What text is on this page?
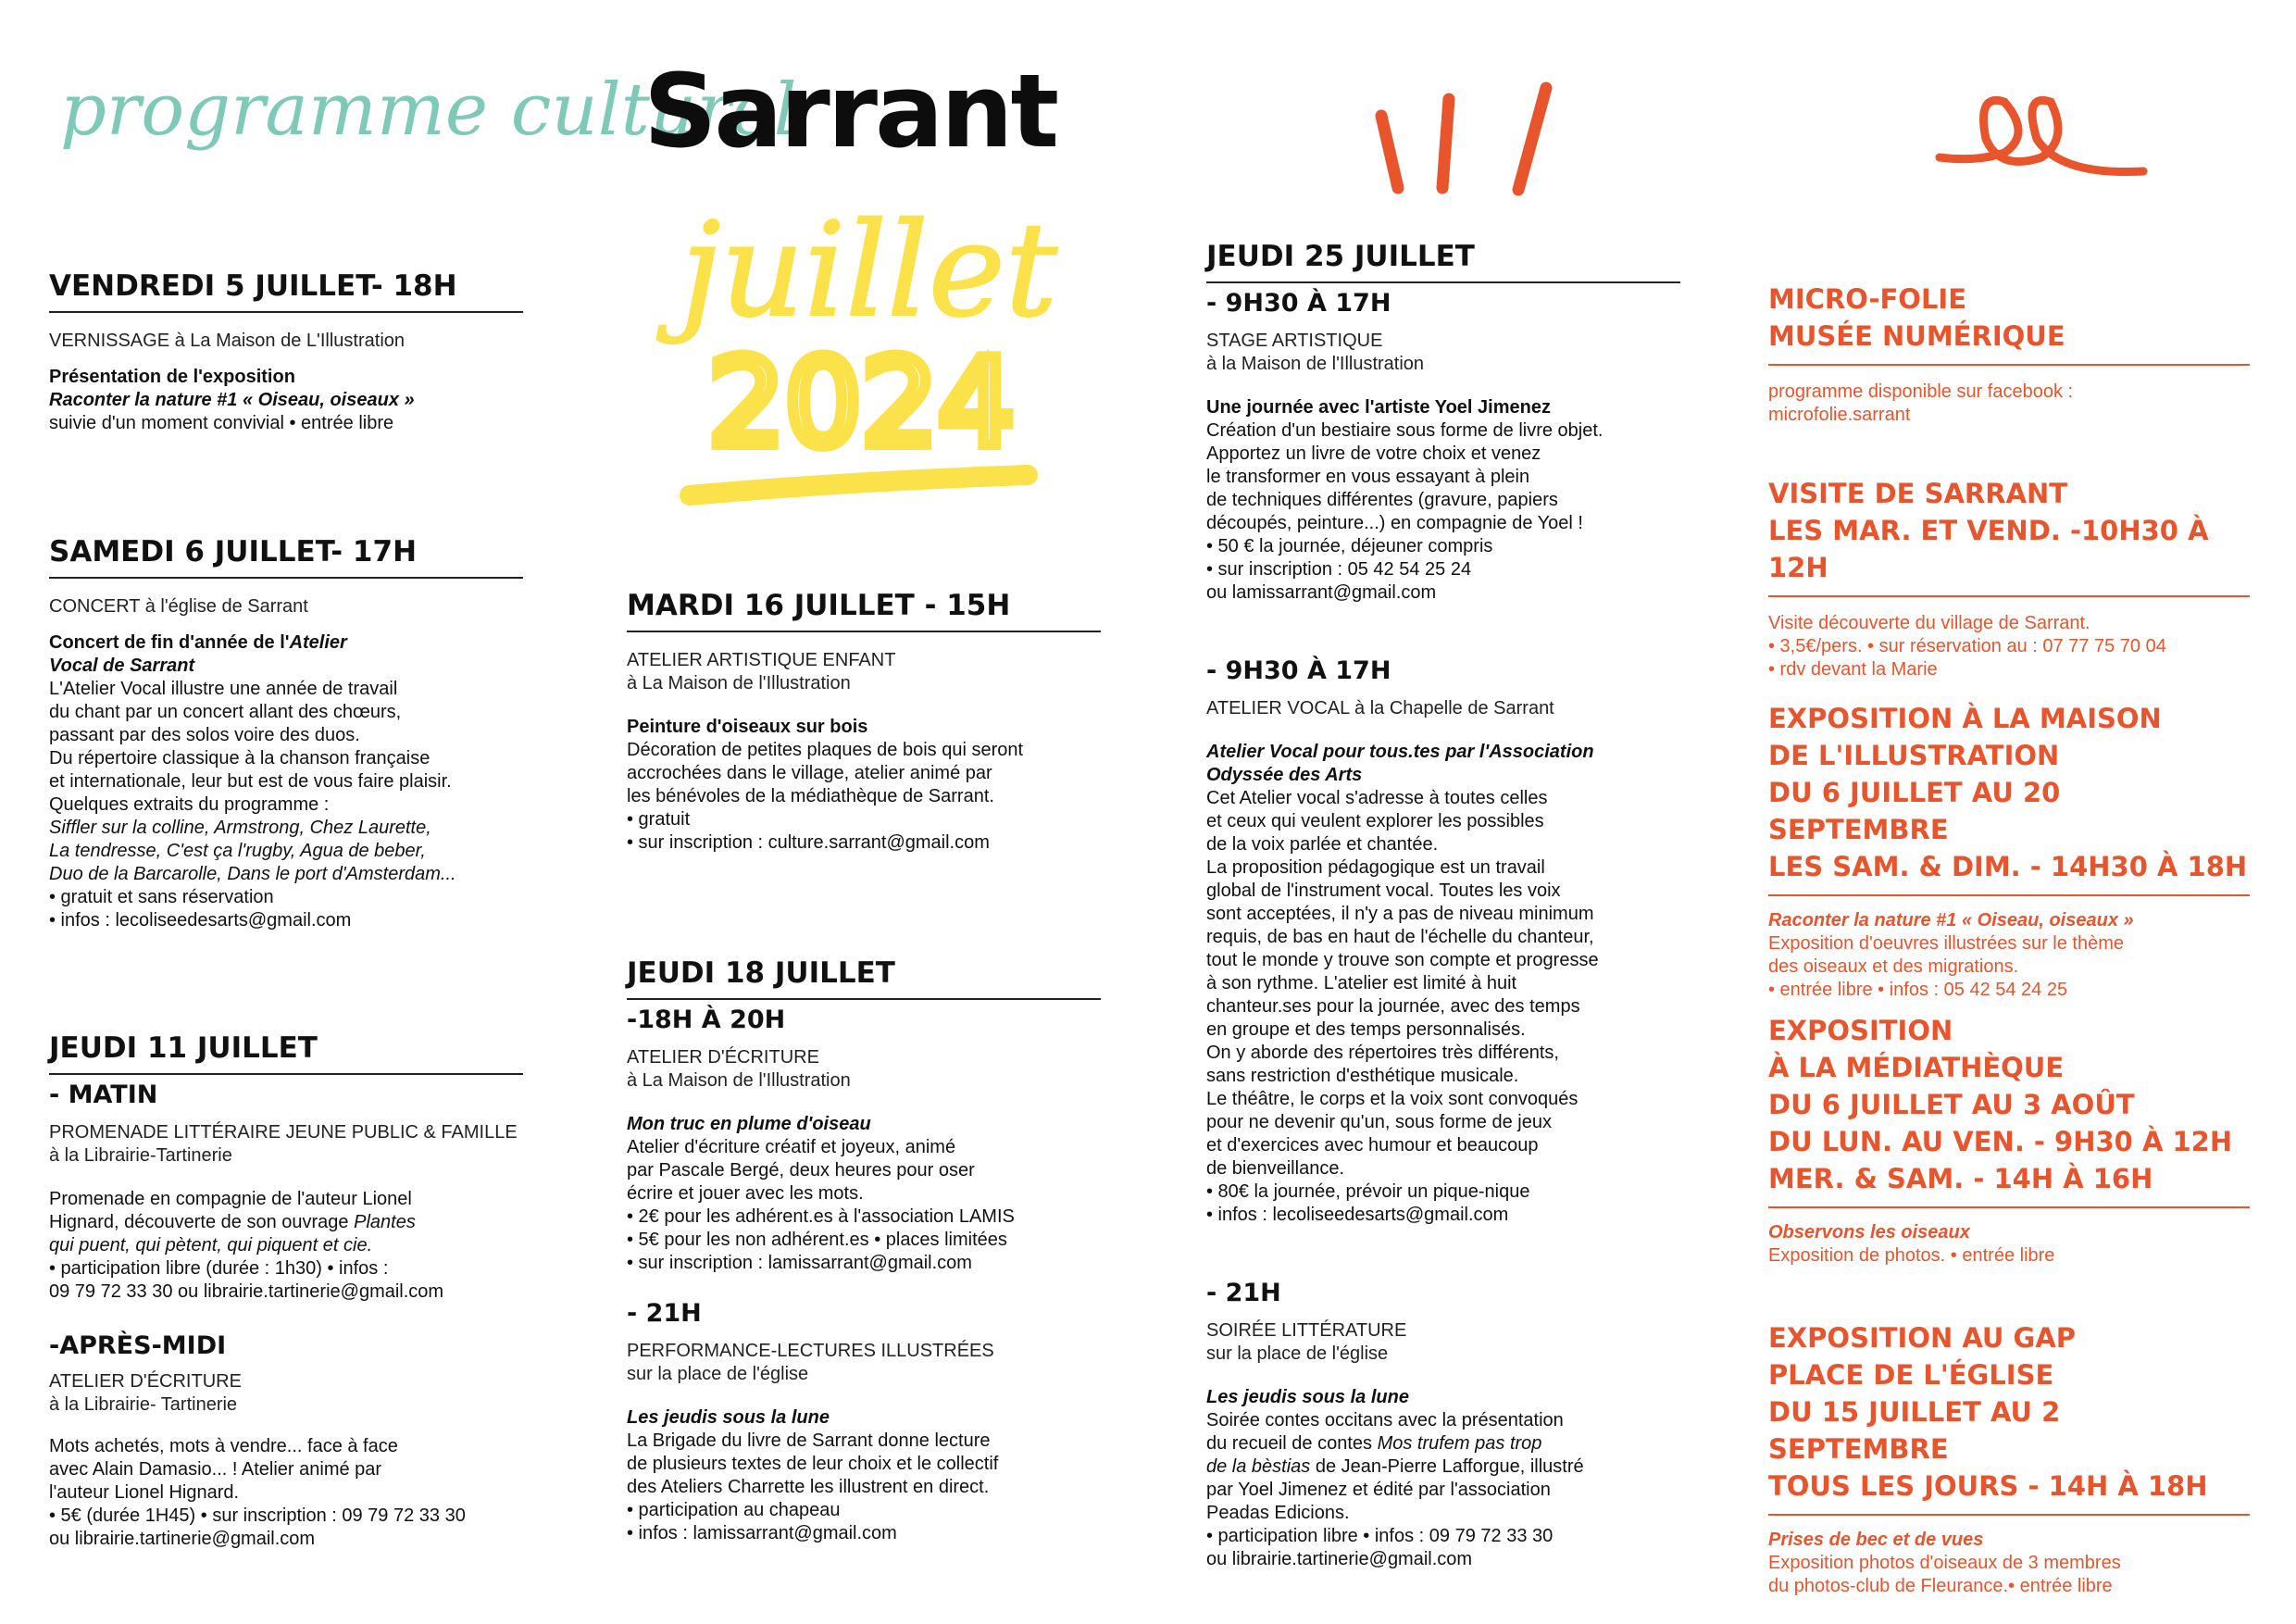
programme culturel
Sarrant
juillet
2024
VENDREDI 5 JUILLET- 18H
VERNISSAGE à La Maison de L'Illustration
Présentation de l'exposition
Raconter la nature #1 « Oiseau, oiseaux »
suivie d'un moment convivial • entrée libre
SAMEDI 6 JUILLET- 17H
CONCERT à l'église de Sarrant
Concert de fin d'année de l'Atelier
Vocal de Sarrant
L'Atelier Vocal illustre une année de travail
du chant par un concert allant des chœurs,
passant par des solos voire des duos.
Du répertoire classique à la chanson française
et internationale, leur but est de vous faire plaisir.
Quelques extraits du programme :
Siffler sur la colline, Armstrong, Chez Laurette,
La tendresse, C'est ça l'rugby, Agua de beber,
Duo de la Barcarolle, Dans le port d'Amsterdam...
• gratuit et sans réservation
• infos : lecoliseedesarts@gmail.com
JEUDI 11 JUILLET
- MATIN
PROMENADE LITTÉRAIRE JEUNE PUBLIC & FAMILLE
à la Librairie-Tartinerie
Promenade en compagnie de l'auteur Lionel
Hignard, découverte de son ouvrage Plantes
qui puent, qui pètent, qui piquent et cie.
• participation libre (durée : 1h30) • infos :
09 79 72 33 30 ou librairie.tartinerie@gmail.com
-APRÈS-MIDI
ATELIER D'ÉCRITURE
à la Librairie- Tartinerie
Mots achetés, mots à vendre... face à face
avec Alain Damasio... ! Atelier animé par
l'auteur Lionel Hignard.
• 5€ (durée 1H45) • sur inscription : 09 79 72 33 30
ou librairie.tartinerie@gmail.com
MARDI 16 JUILLET - 15H
ATELIER ARTISTIQUE ENFANT
à La Maison de l'Illustration
Peinture d'oiseaux sur bois
Décoration de petites plaques de bois qui seront
accrochées dans le village, atelier animé par
les bénévoles de la médiathèque de Sarrant.
• gratuit
• sur inscription : culture.sarrant@gmail.com
JEUDI 18 JUILLET
-18H À 20H
ATELIER D'ÉCRITURE
à La Maison de l'Illustration
Mon truc en plume d'oiseau
Atelier d'écriture créatif et joyeux, animé
par Pascale Bergé, deux heures pour oser
écrire et jouer avec les mots.
• 2€ pour les adhérent.es à l'association LAMIS
• 5€ pour les non adhérent.es • places limitées
• sur inscription : lamissarrant@gmail.com
- 21H
PERFORMANCE-LECTURES ILLUSTRÉES
sur la place de l'église
Les jeudis sous la lune
La Brigade du livre de Sarrant donne lecture
de plusieurs textes de leur choix et le collectif
des Ateliers Charrette les illustrent en direct.
• participation au chapeau
• infos : lamissarrant@gmail.com
JEUDI 25 JUILLET
- 9H30 À 17H
STAGE ARTISTIQUE
à la Maison de l'Illustration
Une journée avec l'artiste Yoel Jimenez
Création d'un bestiaire sous forme de livre objet.
Apportez un livre de votre choix et venez
le transformer en vous essayant à plein
de techniques différentes (gravure, papiers
découpés, peinture...) en compagnie de Yoel !
• 50 € la journée, déjeuner compris
• sur inscription : 05 42 54 25 24
ou lamissarrant@gmail.com
- 9H30 À 17H
ATELIER VOCAL à la Chapelle de Sarrant
Atelier Vocal pour tous.tes par l'Association
Odyssée des Arts
Cet Atelier vocal s'adresse à toutes celles
et ceux qui veulent explorer les possibles
de la voix parlée et chantée.
La proposition pédagogique est un travail
global de l'instrument vocal. Toutes les voix
sont acceptées, il n'y a pas de niveau minimum
requis, de bas en haut de l'échelle du chanteur,
tout le monde y trouve son compte et progresse
à son rythme. L'atelier est limité à huit
chanteur.ses pour la journée, avec des temps
en groupe et des temps personnalisés.
On y aborde des répertoires très différents,
sans restriction d'esthétique musicale.
Le théâtre, le corps et la voix sont convoqués
pour ne devenir qu'un, sous forme de jeux
et d'exercices avec humour et beaucoup
de bienveillance.
• 80€ la journée, prévoir un pique-nique
• infos : lecoliseedesarts@gmail.com
- 21H
SOIRÉE LITTÉRATURE
sur la place de l'église
Les jeudis sous la lune
Soirée contes occitans avec la présentation
du recueil de contes Mos trufem pas trop
de la bèstias de Jean-Pierre Lafforgue, illustré
par Yoel Jimenez et édité par l'association
Peadas Edicions.
• participation libre • infos : 09 79 72 33 30
ou librairie.tartinerie@gmail.com
MICRO-FOLIE
MUSÉE NUMÉRIQUE
programme disponible sur facebook :
microfolie.sarrant
VISITE DE SARRANT
LES MAR. ET VEND. -10H30 À 12H
Visite découverte du village de Sarrant.
• 3,5€/pers. • sur réservation au : 07 77 75 70 04
• rdv devant la Marie
EXPOSITION À LA MAISON
DE L'ILLUSTRATION
DU 6 JUILLET AU 20 SEPTEMBRE
LES SAM. & DIM. - 14H30 À 18H
Raconter la nature #1 « Oiseau, oiseaux »
Exposition d'oeuvres illustrées sur le thème
des oiseaux et des migrations.
• entrée libre • infos : 05 42 54 24 25
EXPOSITION
À LA MÉDIATHÈQUE
DU 6 JUILLET AU 3 AOÛT
DU LUN. AU VEN. - 9H30 À 12H
MER. & SAM. - 14H À 16H
Observons les oiseaux
Exposition de photos. • entrée libre
EXPOSITION AU GAP
PLACE DE L'ÉGLISE
DU 15 JUILLET AU 2 SEPTEMBRE
TOUS LES JOURS - 14H À 18H
Prises de bec et de vues
Exposition photos d'oiseaux de 3 membres
du photos-club de Fleurance.• entrée libre
